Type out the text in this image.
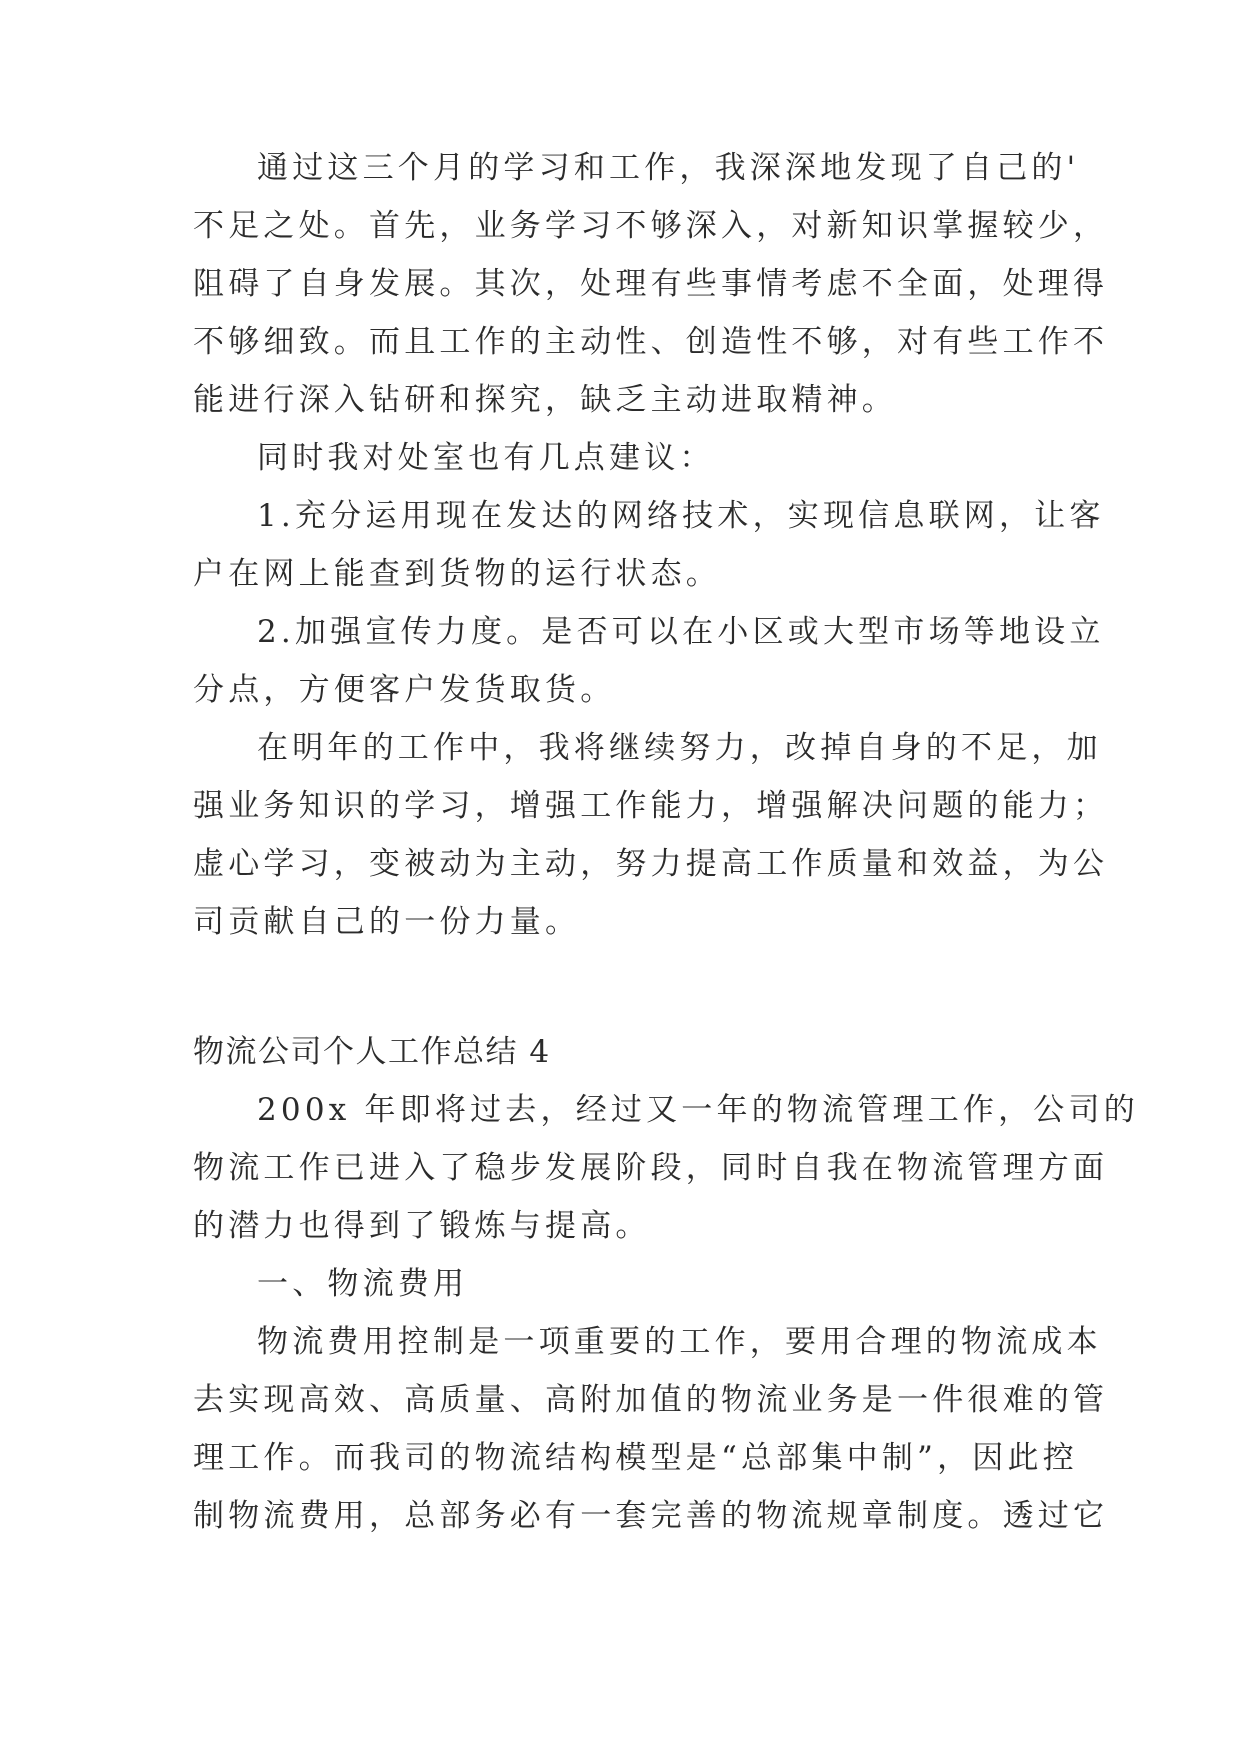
通过这三个月的学习和工作，我深深地发现了自己的'
不足之处。首先，业务学习不够深入，对新知识掌握较少，
阻碍了自身发展。其次，处理有些事情考虑不全面，处理得
不够细致。而且工作的主动性、创造性不够，对有些工作不
能进行深入钻研和探究，缺乏主动进取精神。
同时我对处室也有几点建议：
1.充分运用现在发达的网络技术，实现信息联网，让客
户在网上能查到货物的运行状态。
2.加强宣传力度。是否可以在小区或大型市场等地设立
分点，方便客户发货取货。
在明年的工作中，我将继续努力，改掉自身的不足，加
强业务知识的学习，增强工作能力，增强解决问题的能力；
虚心学习，变被动为主动，努力提高工作质量和效益，为公
司贡献自己的一份力量。
物流公司个人工作总结 4
200x 年即将过去，经过又一年的物流管理工作，公司的
物流工作已进入了稳步发展阶段，同时自我在物流管理方面
的潜力也得到了锻炼与提高。
一、物流费用
物流费用控制是一项重要的工作，要用合理的物流成本
去实现高效、高质量、高附加值的物流业务是一件很难的管
理工作。而我司的物流结构模型是“总部集中制”，因此控
制物流费用，总部务必有一套完善的物流规章制度。透过它
